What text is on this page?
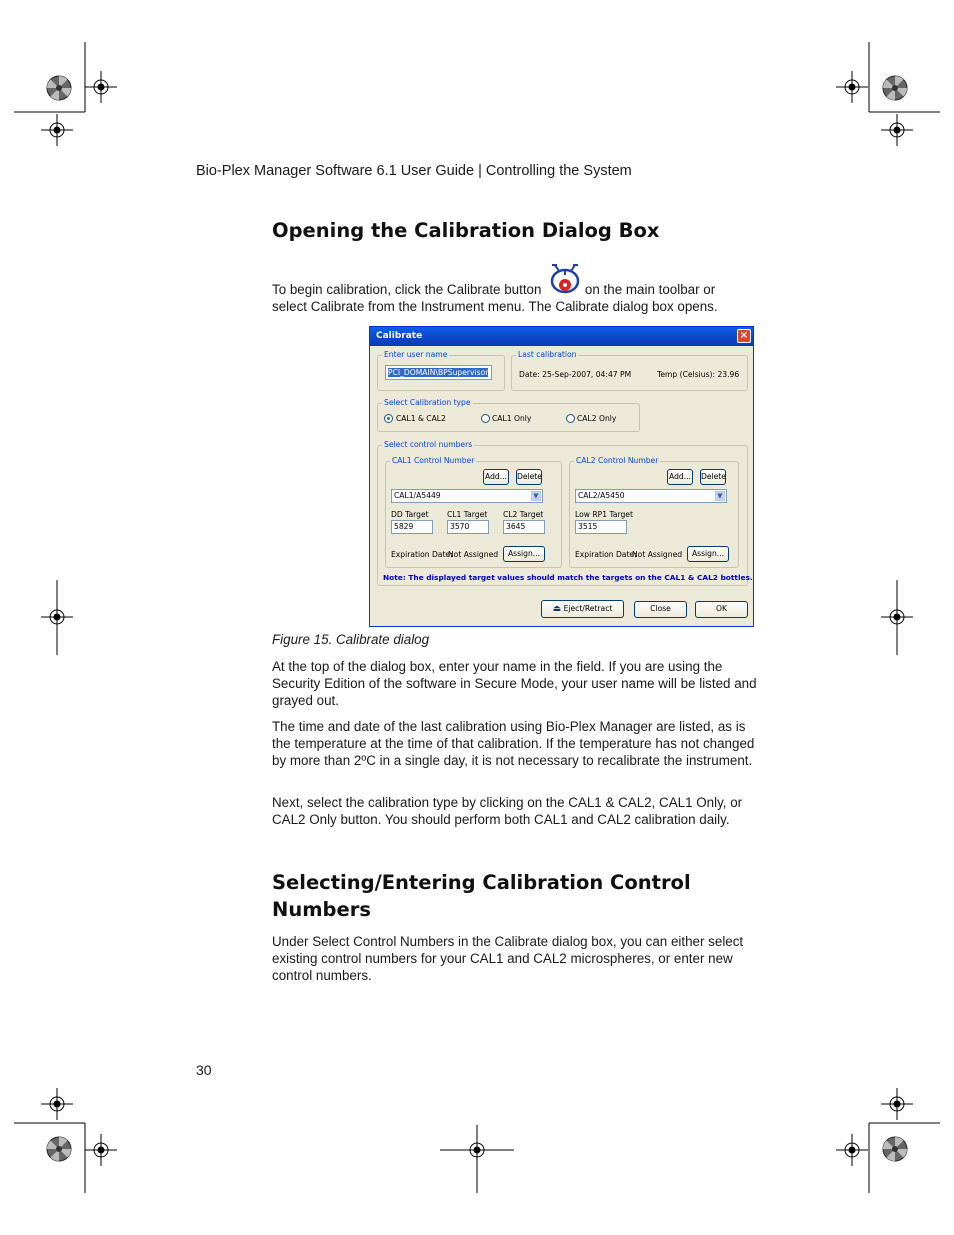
Bio-Plex Manager Software 6.1 User Guide | Controlling the System
Opening the Calibration Dialog Box
To begin calibration, click the Calibrate button	on the main toolbar or
select Calibrate from the Instrument menu. The Calibrate dialog box opens.
Calibrate	×
Enter user name
PCI_DOMAIN\BPSupervisor
Last calibration
Date: 25-Sep-2007, 04:47 PM	Temp (Celsius): 23.96
Select Calibration type
CAL1 & CAL2	CAL1 Only	CAL2 Only
Select control numbers
CAL1 Control Number
Add... Delete
CAL1/A5449	▼
DD Target
5829
CL1 Target
3570
CL2 Target
3645
Expiration Date:
Not Assigned	Assign...
CAL2 Control Number
Add... Delete
CAL2/A5450	▼
Low RP1 Target
3515
Expiration Date:
Not Assigned	Assign...
Note: The displayed target values should match the targets on the CAL1 & CAL2 bottles.
⏏ Eject/Retract	Close	OK
Figure 15. Calibrate dialog

At the top of the dialog box, enter your name in the field. If you are using the Security Edition of the software in Secure Mode, your user name will be listed and grayed out.

The time and date of the last calibration using Bio-Plex Manager are listed, as is the temperature at the time of that calibration. If the temperature has not changed by more than 2ºC in a single day, it is not necessary to recalibrate the instrument.

Next, select the calibration type by clicking on the CAL1 & CAL2, CAL1 Only, or CAL2 Only button. You should perform both CAL1 and CAL2 calibration daily.

Selecting/Entering Calibration Control Numbers

Under Select Control Numbers in the Calibrate dialog box, you can either select existing control numbers for your CAL1 and CAL2 microspheres, or enter new control numbers.

30
